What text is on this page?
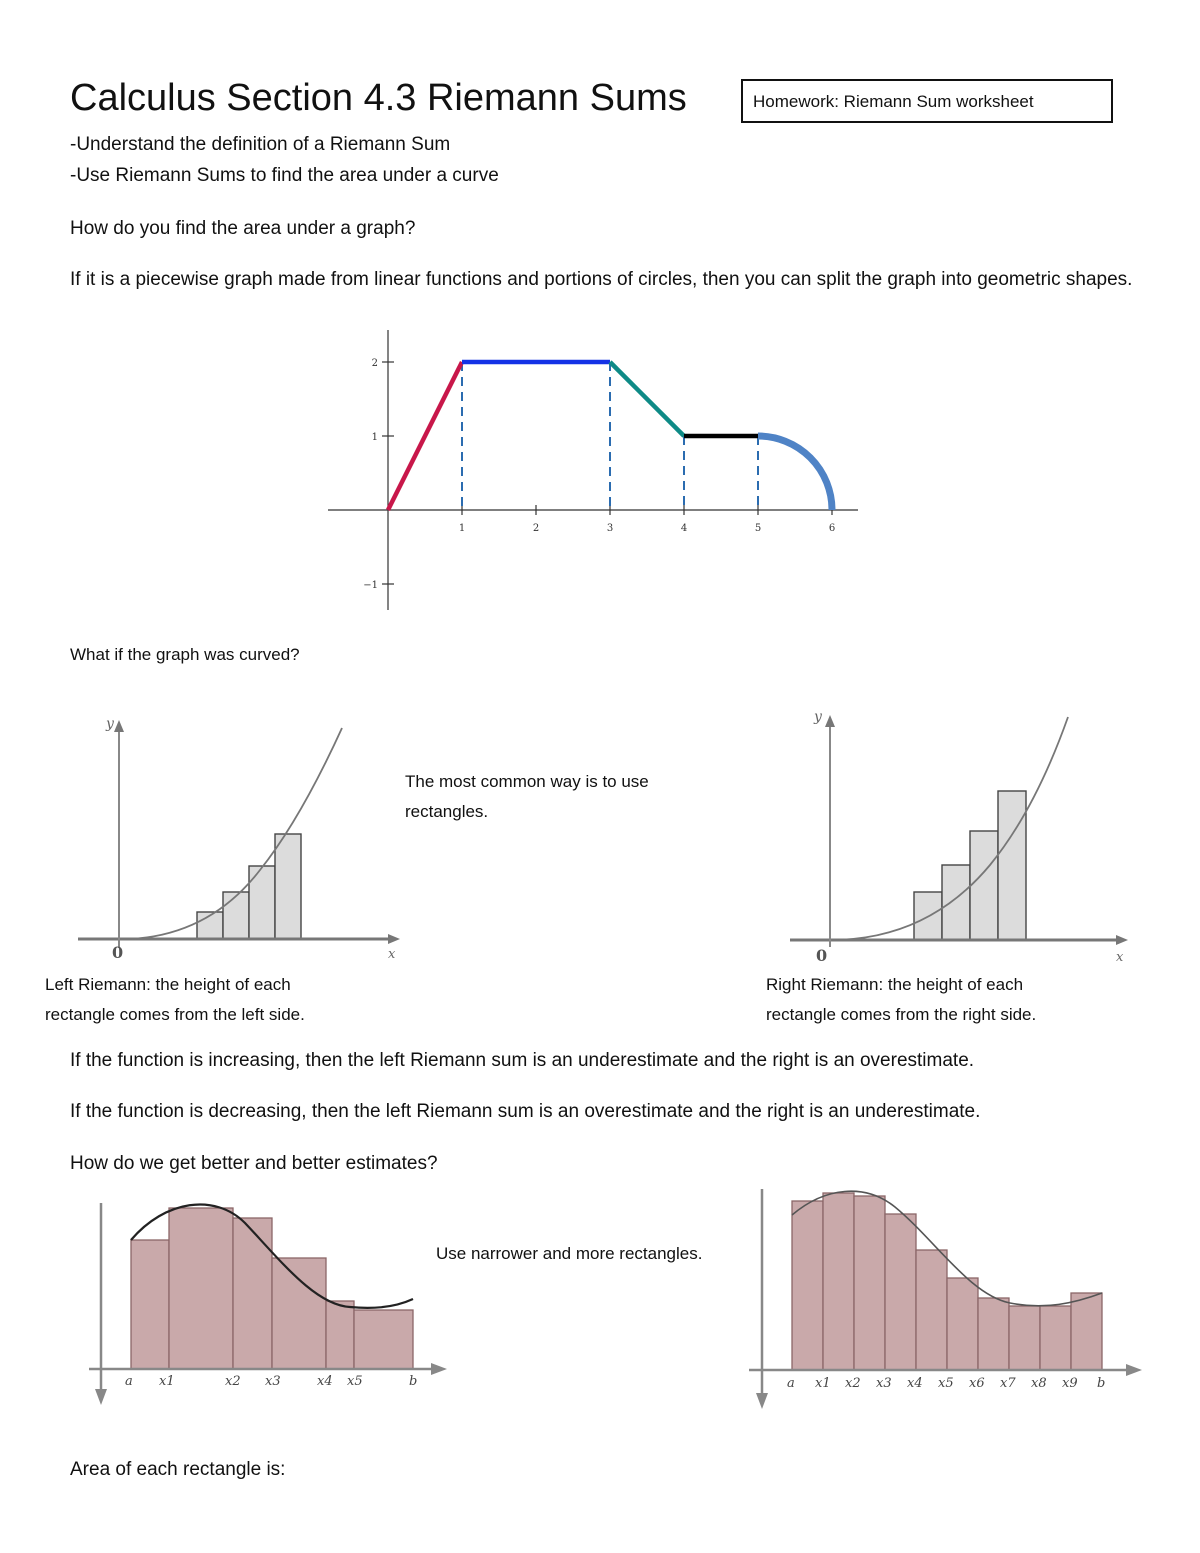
Calculus Section 4.3 Riemann Sums	Homework: Riemann Sum worksheet
-Understand the definition of a Riemann Sum
-Use Riemann Sums to find the area under a curve
How do you find the area under a graph?
If it is a piecewise graph made from linear functions and portions of circles, then you can split the graph into geometric shapes.
1	2	3	4	5	6
2
1
−1
What if the graph was curved?
y
x
0
The most common way is to use rectangles.
y
x
0
Left Riemann: the height of each rectangle comes from the left side.
Right Riemann: the height of each rectangle comes from the right side.
If the function is increasing, then the left Riemann sum is an underestimate and the right is an overestimate.
If the function is decreasing, then the left Riemann sum is an overestimate and the right is an underestimate.
How do we get better and better estimates?
a x1	x2 x3	x4 x5	b
Use narrower and more rectangles.
a x1 x2 x3 x4 x5 x6 x7 x8 x9 b
Area of each rectangle is:
